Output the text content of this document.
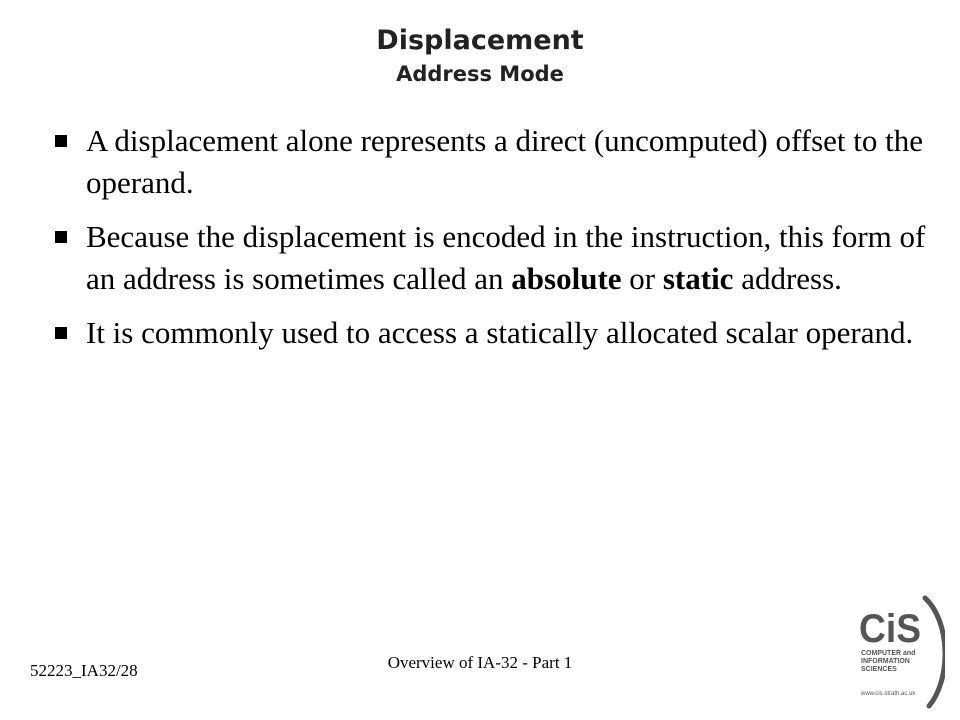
Displacement
Address Mode
A displacement alone represents a direct (uncomputed) offset to the operand.
Because the displacement is encoded in the instruction, this form of an address is sometimes called an absolute or static address.
It is commonly used to access a statically allocated scalar operand.
52223_IA32/28	Overview of IA-32 - Part 1
CiS
COMPUTER and
INFORMATION
SCIENCES
www.cis.strath.ac.uk
